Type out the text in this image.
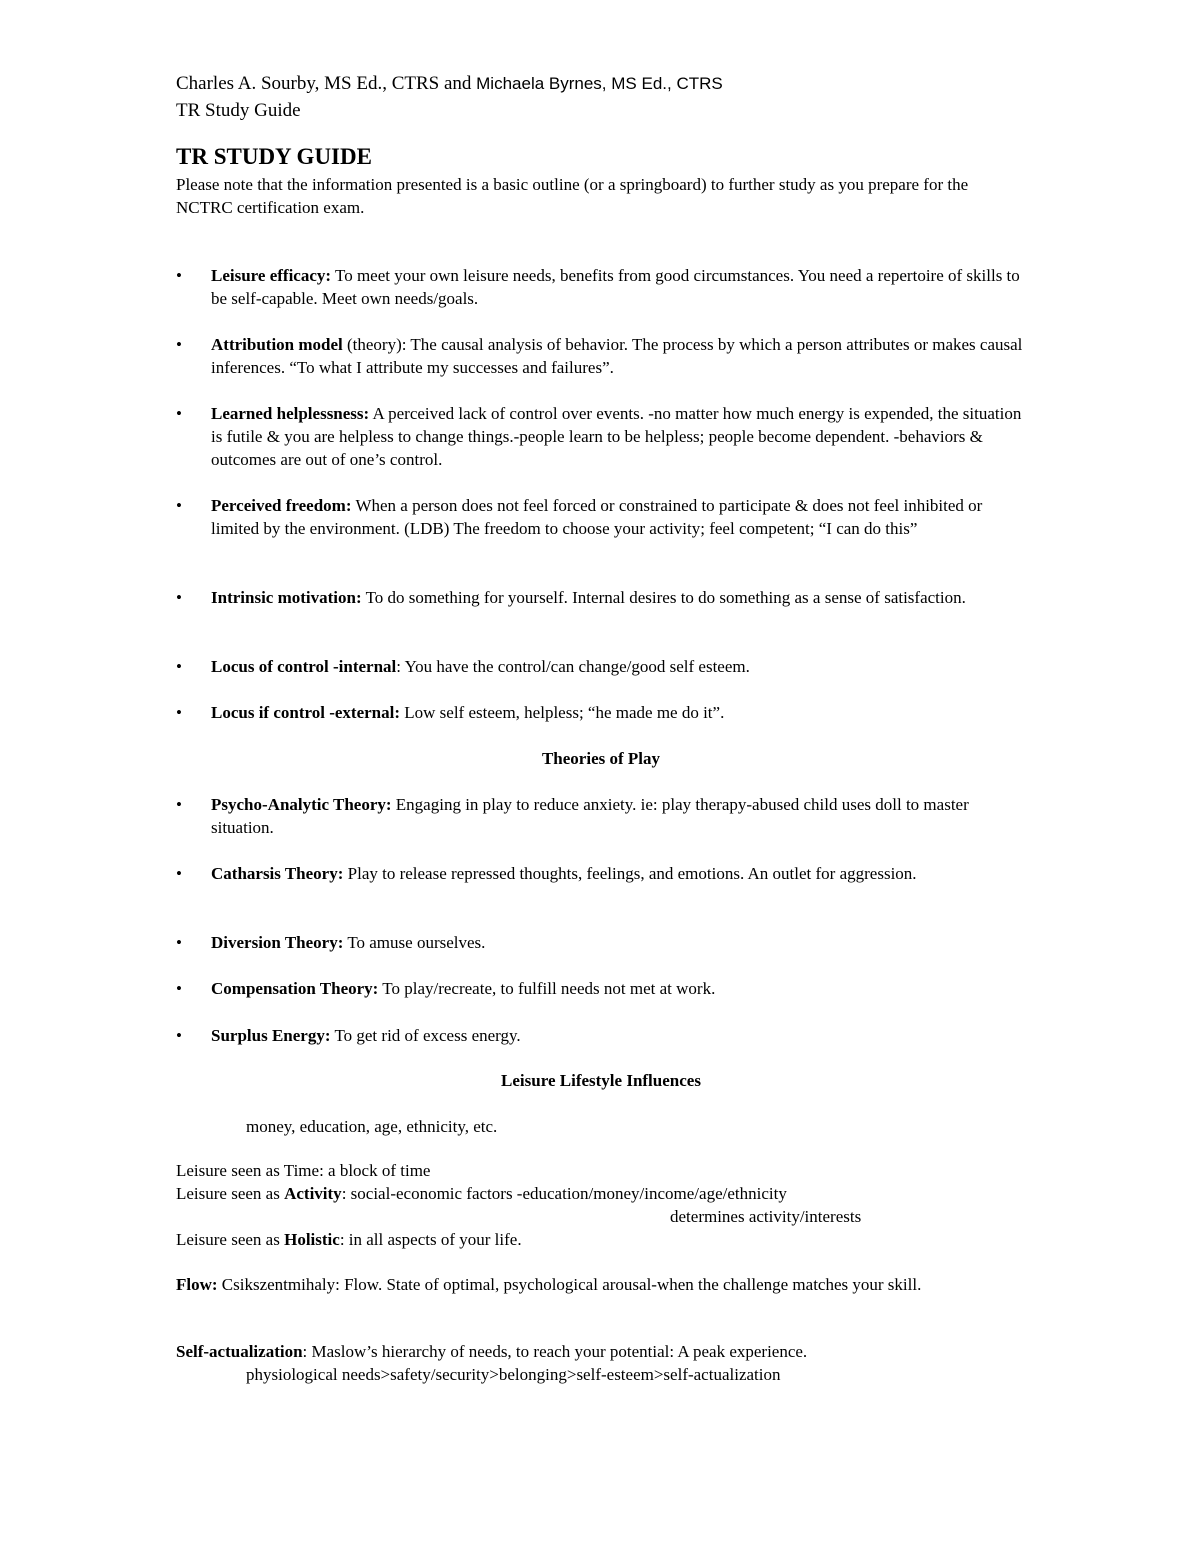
Charles A. Sourby, MS Ed., CTRS and Michaela Byrnes, MS Ed., CTRS
TR Study Guide
TR STUDY GUIDE
Please note that the information presented is a basic outline (or a springboard) to further study as you prepare for the NCTRC certification exam.
•	Leisure efficacy: To meet your own leisure needs, benefits from good circumstances. You need a repertoire of skills to be self-capable. Meet own needs/goals.
•	Attribution model (theory): The causal analysis of behavior. The process by which a person attributes or makes causal inferences. “To what I attribute my successes and failures”.
•	Learned helplessness: A perceived lack of control over events. -no matter how much energy is expended, the situation is futile & you are helpless to change things.-people learn to be helpless; people become dependent. -behaviors & outcomes are out of one’s control.
•	Perceived freedom: When a person does not feel forced or constrained to participate & does not feel inhibited or limited by the environment. (LDB) The freedom to choose your activity; feel competent; “I can do this”
•	Intrinsic motivation: To do something for yourself. Internal desires to do something as a sense of satisfaction.
•	Locus of control -internal: You have the control/can change/good self esteem.
•	Locus if control -external: Low self esteem, helpless; “he made me do it”.
Theories of Play
•	Psycho-Analytic Theory: Engaging in play to reduce anxiety. ie: play therapy-abused child uses doll to master situation.
•	Catharsis Theory: Play to release repressed thoughts, feelings, and emotions. An outlet for aggression.
•	Diversion Theory: To amuse ourselves.
•	Compensation Theory: To play/recreate, to fulfill needs not met at work.
•	Surplus Energy: To get rid of excess energy.
Leisure Lifestyle Influences
money, education, age, ethnicity, etc.
Leisure seen as Time: a block of time
Leisure seen as Activity: social-economic factors -education/money/income/age/ethnicity
determines activity/interests
Leisure seen as Holistic: in all aspects of your life.
Flow: Csikszentmihaly: Flow. State of optimal, psychological arousal-when the challenge matches your skill.
Self-actualization: Maslow’s hierarchy of needs, to reach your potential: A peak experience.
physiological needs>safety/security>belonging>self-esteem>self-actualization
